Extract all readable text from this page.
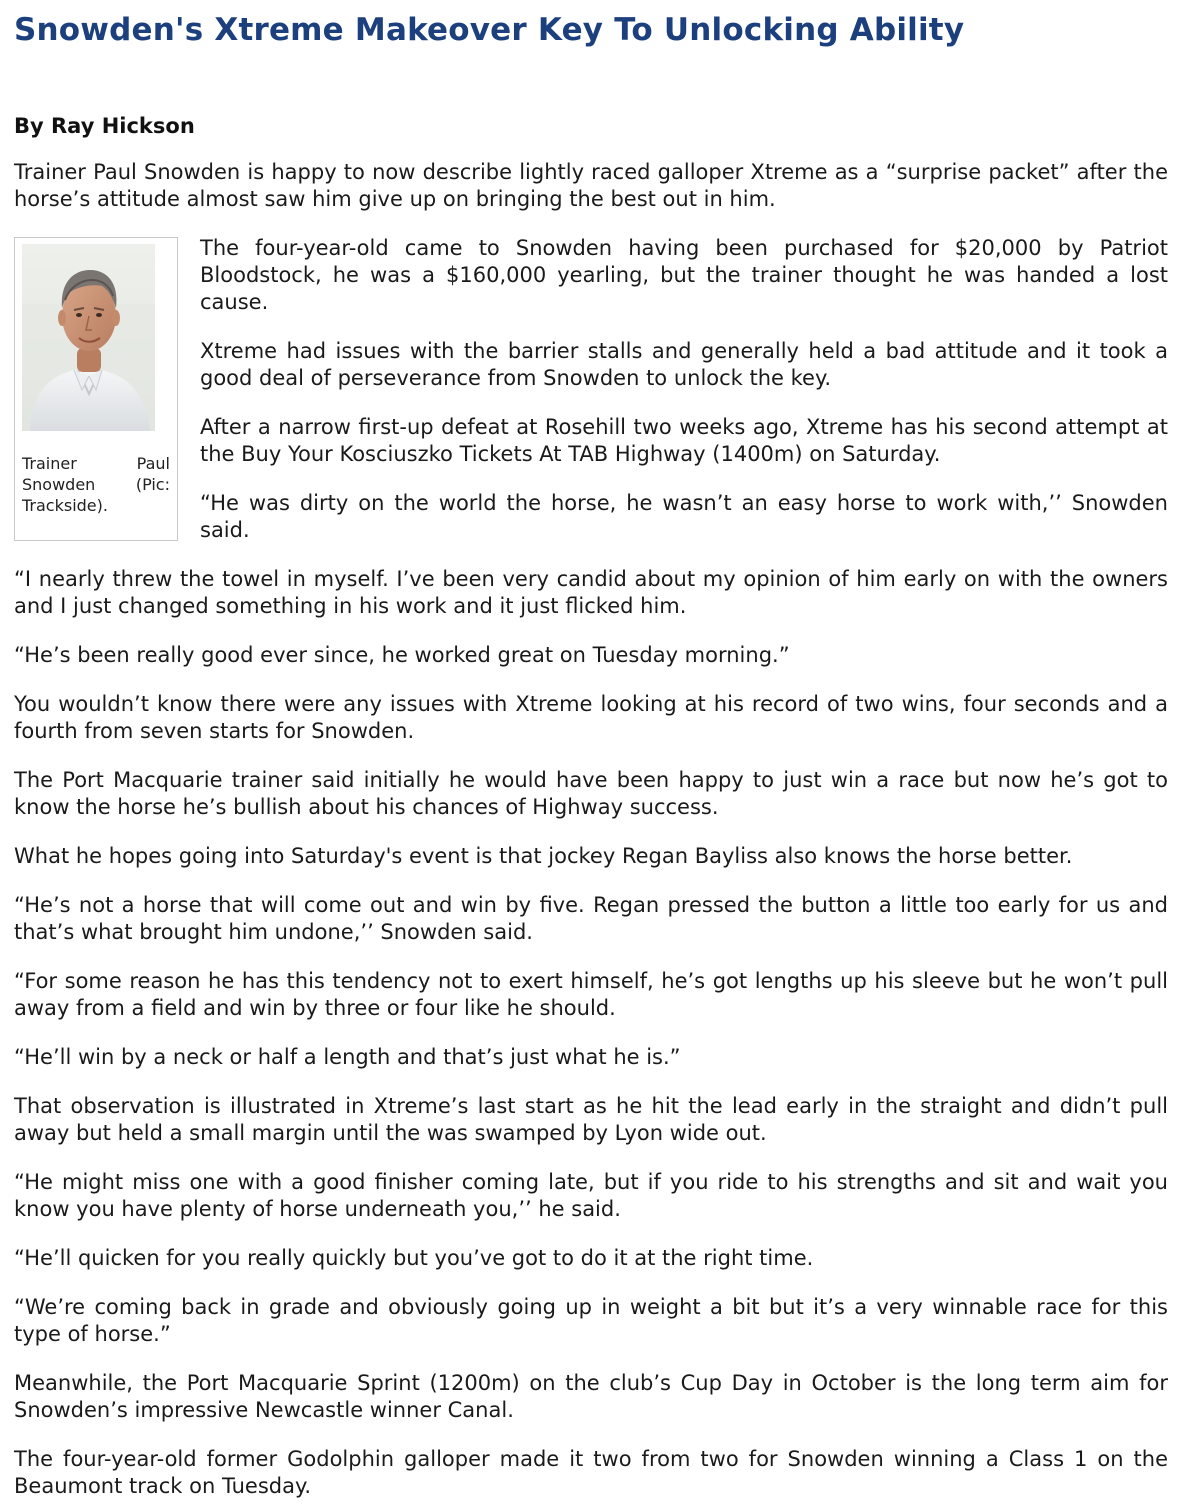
Snowden's Xtreme Makeover Key To Unlocking Ability
By Ray Hickson

Trainer Paul Snowden is happy to now describe lightly raced galloper Xtreme as a “surprise packet” after the horse’s attitude almost saw him give up on bringing the best out in him.

Trainer Paul Snowden (Pic: Trackside).

The four-year-old came to Snowden having been purchased for $20,000 by Patriot Bloodstock, he was a $160,000 yearling, but the trainer thought he was handed a lost cause.

Xtreme had issues with the barrier stalls and generally held a bad attitude and it took a good deal of perseverance from Snowden to unlock the key.

After a narrow first-up defeat at Rosehill two weeks ago, Xtreme has his second attempt at the Buy Your Kosciuszko Tickets At TAB Highway (1400m) on Saturday.

“He was dirty on the world the horse, he wasn’t an easy horse to work with,’’ Snowden said.

“I nearly threw the towel in myself. I’ve been very candid about my opinion of him early on with the owners and I just changed something in his work and it just flicked him.

“He’s been really good ever since, he worked great on Tuesday morning.”

You wouldn’t know there were any issues with Xtreme looking at his record of two wins, four seconds and a fourth from seven starts for Snowden.

The Port Macquarie trainer said initially he would have been happy to just win a race but now he’s got to know the horse he’s bullish about his chances of Highway success.

What he hopes going into Saturday's event is that jockey Regan Bayliss also knows the horse better.

“He’s not a horse that will come out and win by five. Regan pressed the button a little too early for us and that’s what brought him undone,’’ Snowden said.

“For some reason he has this tendency not to exert himself, he’s got lengths up his sleeve but he won’t pull away from a field and win by three or four like he should.

“He’ll win by a neck or half a length and that’s just what he is.”

That observation is illustrated in Xtreme’s last start as he hit the lead early in the straight and didn’t pull away but held a small margin until the was swamped by Lyon wide out.

“He might miss one with a good finisher coming late, but if you ride to his strengths and sit and wait you know you have plenty of horse underneath you,’’ he said.

“He’ll quicken for you really quickly but you’ve got to do it at the right time.

“We’re coming back in grade and obviously going up in weight a bit but it’s a very winnable race for this type of horse.”

Meanwhile, the Port Macquarie Sprint (1200m) on the club’s Cup Day in October is the long term aim for Snowden’s impressive Newcastle winner Canal.

The four-year-old former Godolphin galloper made it two from two for Snowden winning a Class 1 on the Beaumont track on Tuesday.
